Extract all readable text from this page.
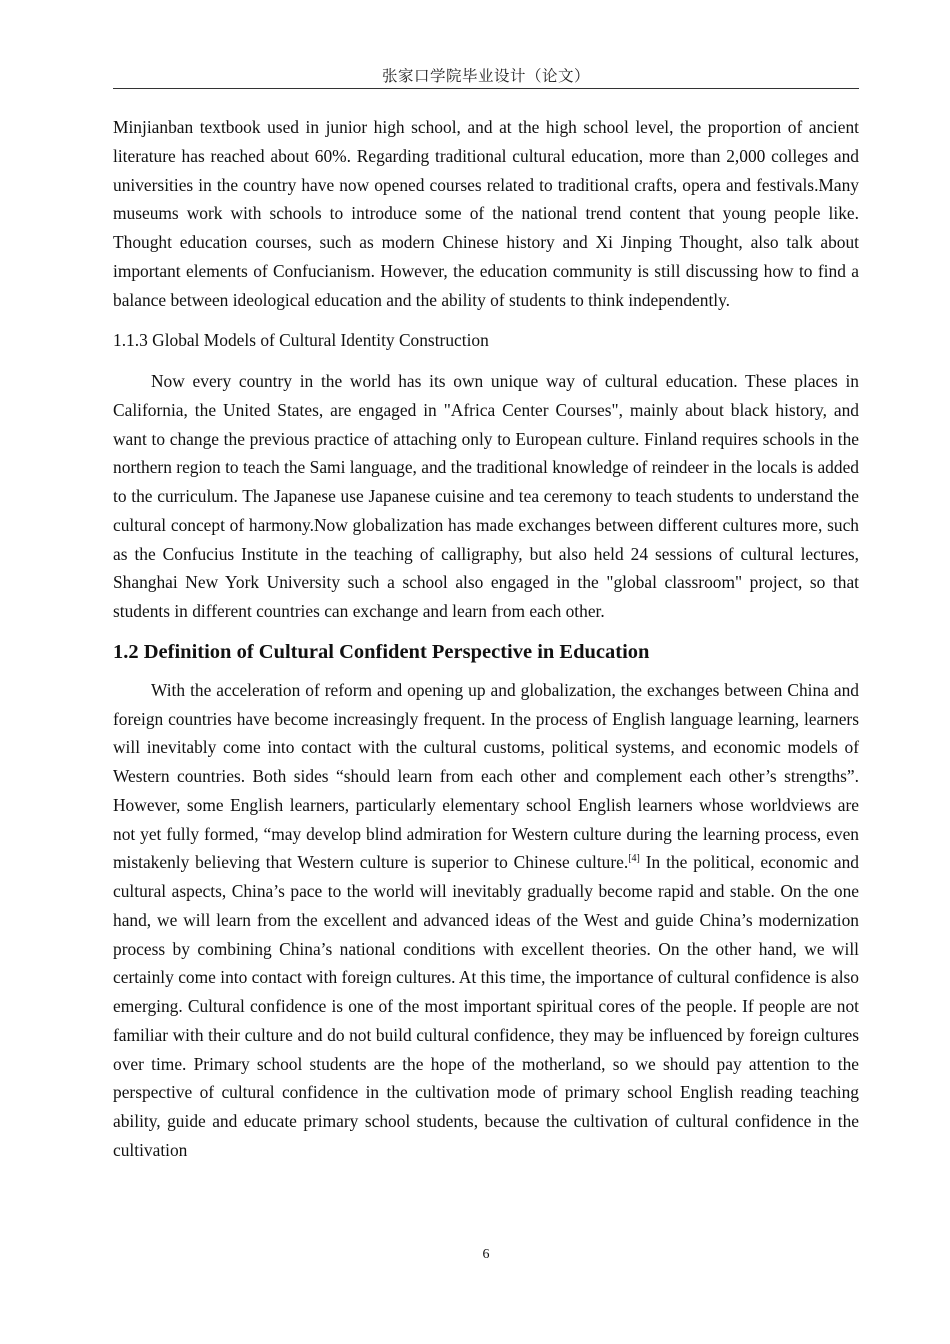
张家口学院毕业设计（论文）

Minjianban textbook used in junior high school, and at the high school level, the proportion of ancient literature has reached about 60%. Regarding traditional cultural education, more than 2,000 colleges and universities in the country have now opened courses related to traditional crafts, opera and festivals.Many museums work with schools to introduce some of the national trend content that young people like. Thought education courses, such as modern Chinese history and Xi Jinping Thought, also talk about important elements of Confucianism. However, the education community is still discussing how to find a balance between ideological education and the ability of students to think independently.

1.1.3 Global Models of Cultural Identity Construction

Now every country in the world has its own unique way of cultural education. These places in California, the United States, are engaged in "Africa Center Courses", mainly about black history, and want to change the previous practice of attaching only to European culture. Finland requires schools in the northern region to teach the Sami language, and the traditional knowledge of reindeer in the locals is added to the curriculum. The Japanese use Japanese cuisine and tea ceremony to teach students to understand the cultural concept of harmony.Now globalization has made exchanges between different cultures more, such as the Confucius Institute in the teaching of calligraphy, but also held 24 sessions of cultural lectures, Shanghai New York University such a school also engaged in the "global classroom" project, so that students in different countries can exchange and learn from each other.

1.2 Definition of Cultural Confident Perspective in Education

With the acceleration of reform and opening up and globalization, the exchanges between China and foreign countries have become increasingly frequent. In the process of English language learning, learners will inevitably come into contact with the cultural customs, political systems, and economic models of Western countries. Both sides “should learn from each other and complement each other’s strengths”. However, some English learners, particularly elementary school English learners whose worldviews are not yet fully formed, “may develop blind admiration for Western culture during the learning process, even mistakenly believing that Western culture is superior to Chinese culture.[4] In the political, economic and cultural aspects, China’s pace to the world will inevitably gradually become rapid and stable. On the one hand, we will learn from the excellent and advanced ideas of the West and guide China’s modernization process by combining China’s national conditions with excellent theories. On the other hand, we will certainly come into contact with foreign cultures. At this time, the importance of cultural confidence is also emerging. Cultural confidence is one of the most important spiritual cores of the people. If people are not familiar with their culture and do not build cultural confidence, they may be influenced by foreign cultures over time. Primary school students are the hope of the motherland, so we should pay attention to the perspective of cultural confidence in the cultivation mode of primary school English reading teaching ability, guide and educate primary school students, because the cultivation of cultural confidence in the cultivation

6
